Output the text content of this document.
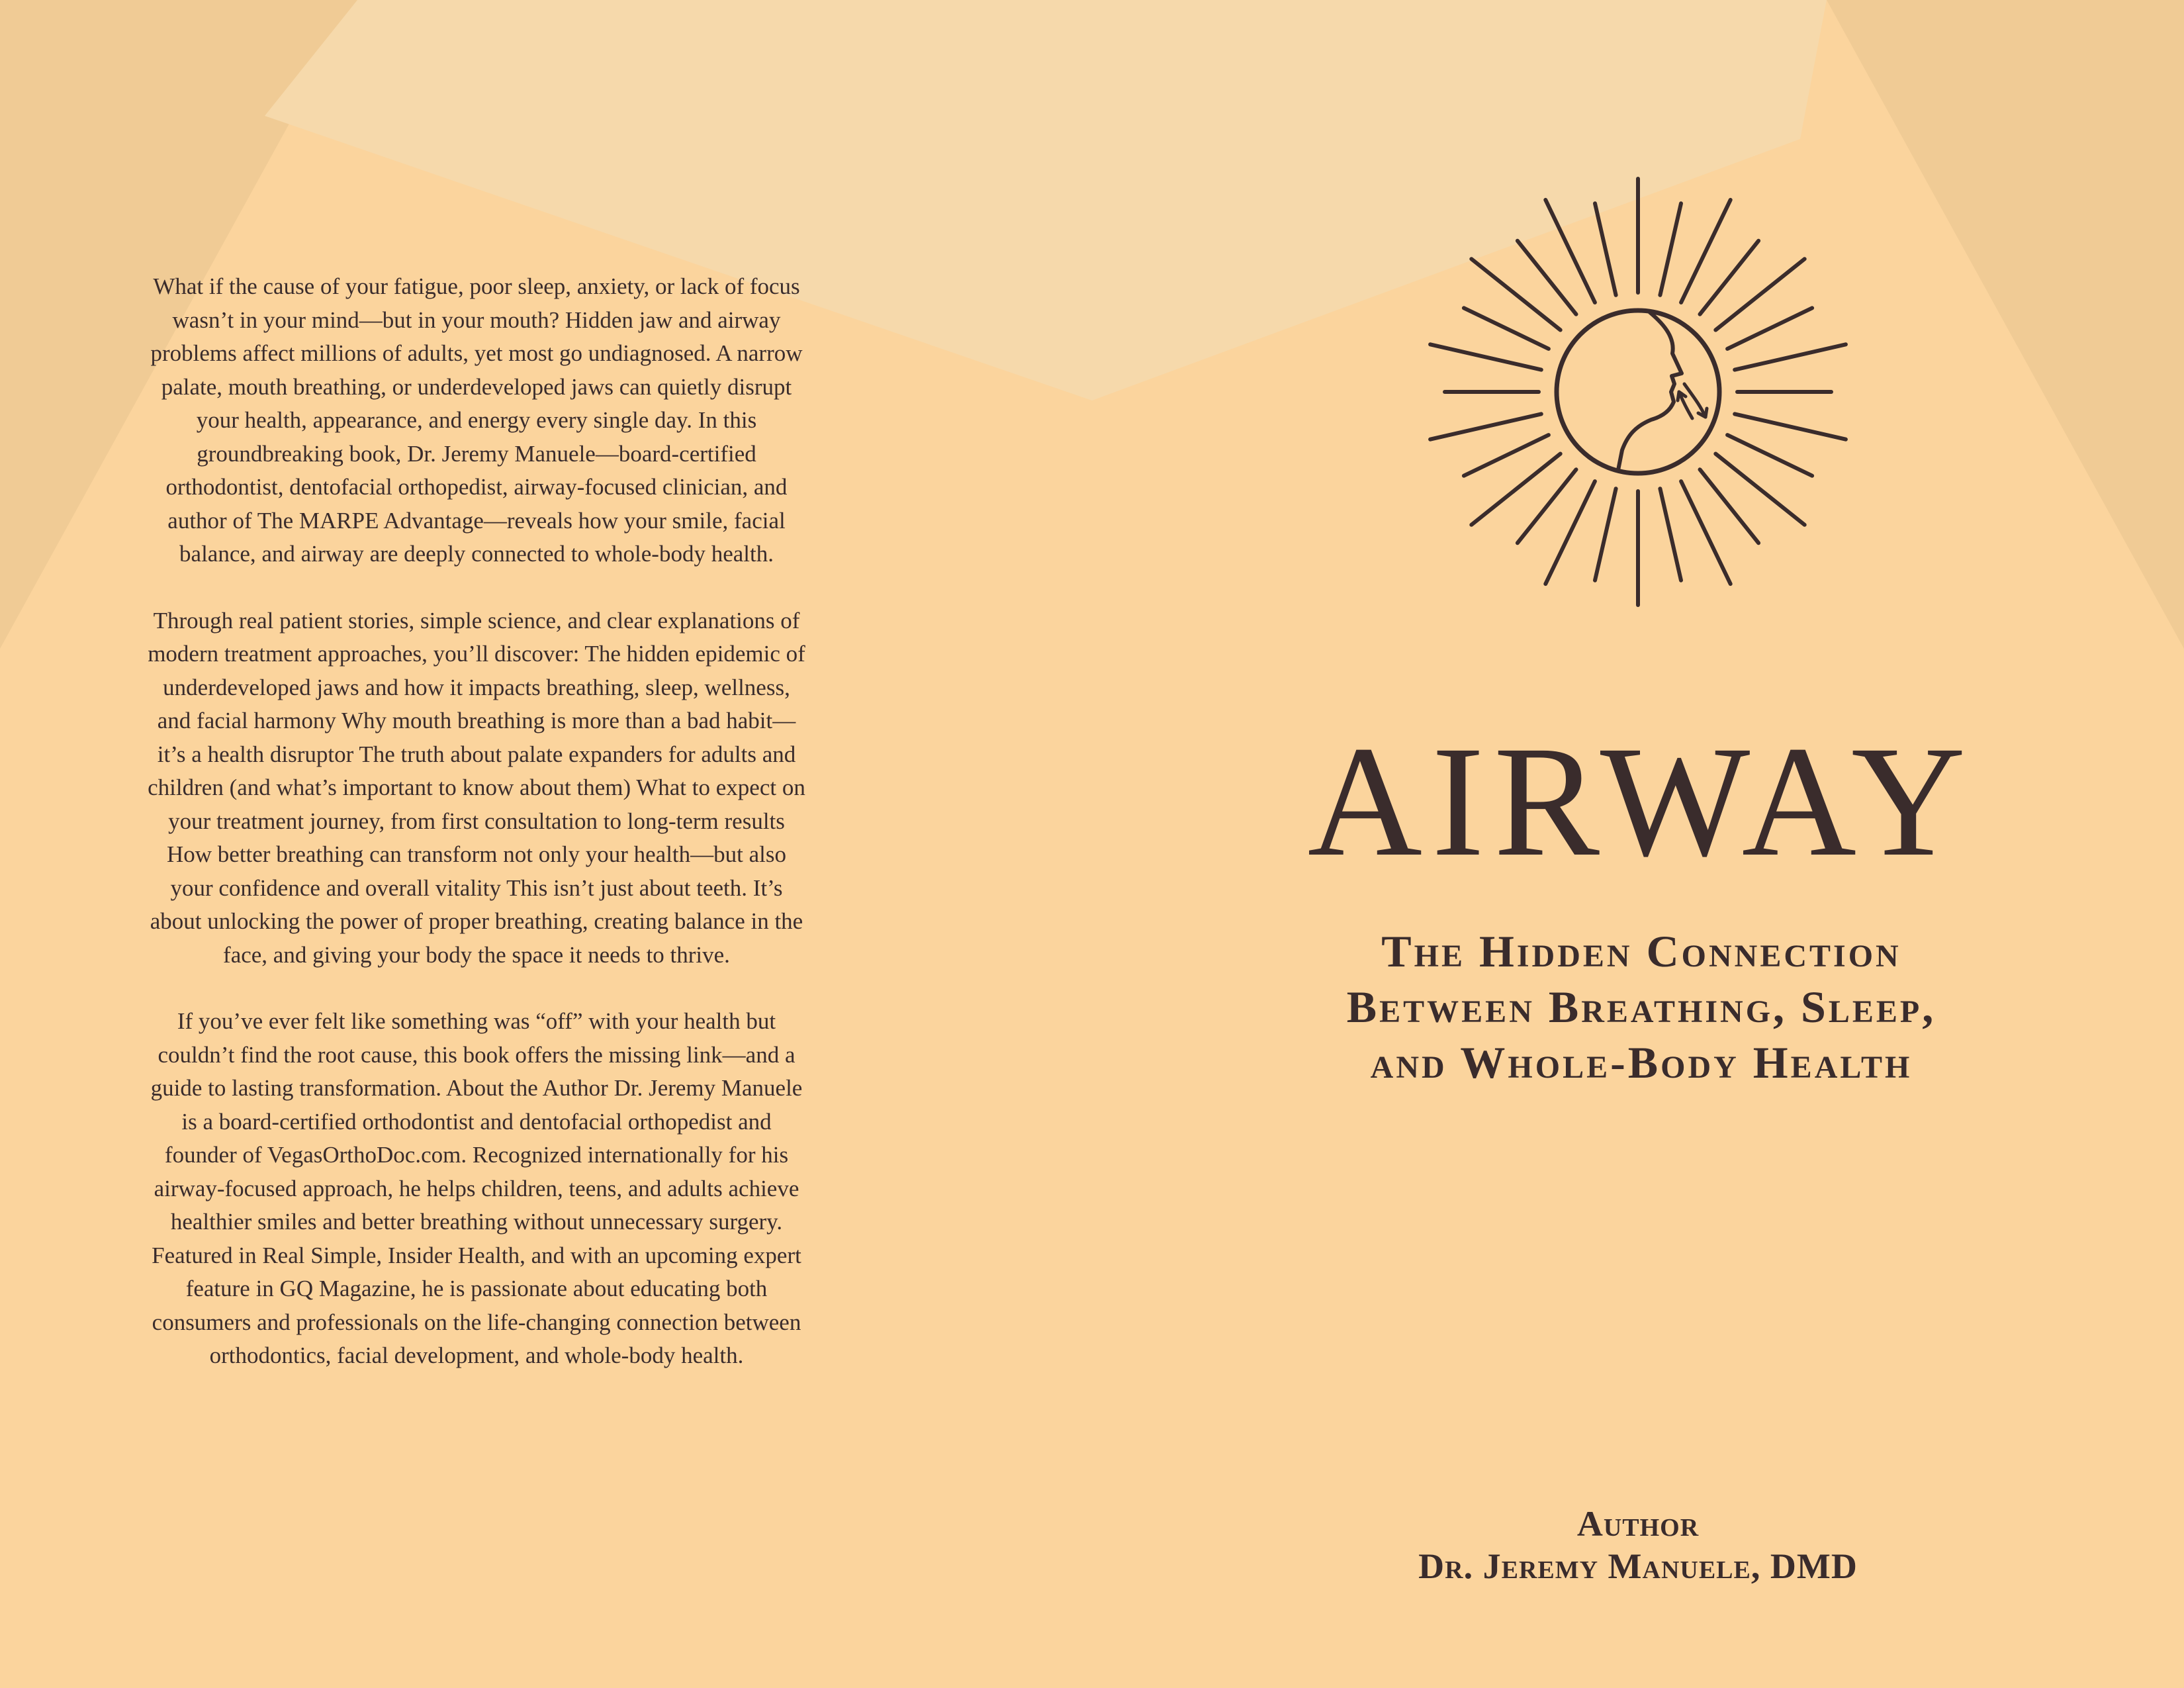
What if the cause of your fatigue, poor sleep, anxiety, or lack of focus wasn’t in your mind—but in your mouth? Hidden jaw and airway problems affect millions of adults, yet most go undiagnosed. A narrow palate, mouth breathing, or underdeveloped jaws can quietly disrupt your health, appearance, and energy every single day. In this groundbreaking book, Dr. Jeremy Manuele—board-certified orthodontist, dentofacial orthopedist, airway-focused clinician, and author of The MARPE Advantage—reveals how your smile, facial balance, and airway are deeply connected to whole-body health.

Through real patient stories, simple science, and clear explanations of modern treatment approaches, you’ll discover: The hidden epidemic of underdeveloped jaws and how it impacts breathing, sleep, wellness, and facial harmony Why mouth breathing is more than a bad habit—it’s a health disruptor The truth about palate expanders for adults and children (and what’s important to know about them) What to expect on your treatment journey, from first consultation to long-term results How better breathing can transform not only your health—but also your confidence and overall vitality This isn’t just about teeth. It’s about unlocking the power of proper breathing, creating balance in the face, and giving your body the space it needs to thrive.

If you’ve ever felt like something was “off” with your health but couldn’t find the root cause, this book offers the missing link—and a guide to lasting transformation. About the Author Dr. Jeremy Manuele is a board-certified orthodontist and dentofacial orthopedist and founder of VegasOrthoDoc.com. Recognized internationally for his airway-focused approach, he helps children, teens, and adults achieve healthier smiles and better breathing without unnecessary surgery. Featured in Real Simple, Insider Health, and with an upcoming expert feature in GQ Magazine, he is passionate about educating both consumers and professionals on the life-changing connection between orthodontics, facial development, and whole-body health.

AIRWAY
The Hidden Connection
Between Breathing, Sleep,
and Whole-Body Health
Author
Dr. Jeremy Manuele, DMD
